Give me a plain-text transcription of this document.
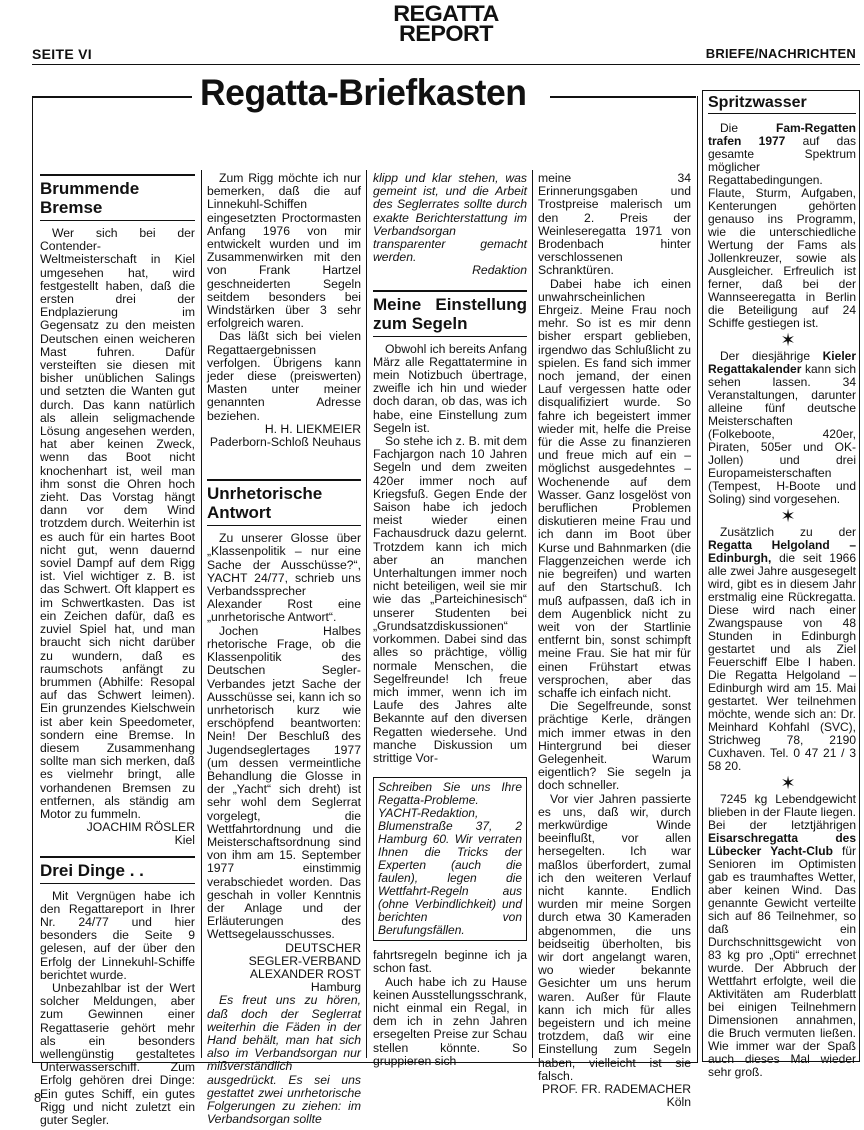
SEITE VI
REGATTA
REPORT
BRIEFE/NACHRICHTEN
Regatta-Briefkasten
Brummende Bremse

Wer sich bei der Contender-Weltmeisterschaft in Kiel umgesehen hat, wird festgestellt haben, daß die ersten drei der Endplazierung im Gegensatz zu den meisten Deutschen einen weicheren Mast fuhren. Dafür versteiften sie diesen mit bisher unüblichen Salings und setzten die Wanten gut durch. Das kann natürlich als allein seligmachende Lösung angesehen werden, hat aber keinen Zweck, wenn das Boot nicht knochenhart ist, weil man ihm sonst die Ohren hoch zieht. Das Vorstag hängt dann vor dem Wind trotzdem durch. Weiterhin ist es auch für ein hartes Boot nicht gut, wenn dauernd soviel Dampf auf dem Rigg ist. Viel wichtiger z. B. ist das Schwert. Oft klappert es im Schwertkasten. Das ist ein Zeichen dafür, daß es zuviel Spiel hat, und man braucht sich nicht darüber zu wundern, daß es raumschots anfängt zu brummen (Abhilfe: Resopal auf das Schwert leimen). Ein grunzendes Kielschwein ist aber kein Speedometer, sondern eine Bremse. In diesem Zusammenhang sollte man sich merken, daß es vielmehr bringt, alle vorhandenen Bremsen zu entfernen, als ständig am Motor zu fummeln.

JOACHIM RÖSLER

Kiel

Drei Dinge . .

Mit Vergnügen habe ich den Regattareport in Ihrer Nr. 24/77 und hier besonders die Seite 9 gelesen, auf der über den Erfolg der Linnekuhl-Schiffe berichtet wurde.

Unbezahlbar ist der Wert solcher Meldungen, aber zum Gewinnen einer Regattaserie gehört mehr als ein besonders wellengünstig gestaltetes Unterwasserschiff. Zum Erfolg gehören drei Dinge: Ein gutes Schiff, ein gutes Rigg und nicht zuletzt ein guter Segler.

Zum Rigg möchte ich nur bemerken, daß die auf Linnekuhl-Schiffen eingesetzten Proctormasten Anfang 1976 von mir entwickelt wurden und im Zusammenwirken mit den von Frank Hartzel geschneiderten Segeln seitdem besonders bei Windstärken über 3 sehr erfolgreich waren.

Das läßt sich bei vielen Regattaergebnissen verfolgen. Übrigens kann jeder diese (preiswerten) Masten unter meiner genannten Adresse beziehen.

H. H. LIEKMEIER

Paderborn-Schloß Neuhaus

Unrhetorische Antwort

Zu unserer Glosse über „Klassenpolitik – nur eine Sache der Ausschüsse?“, YACHT 24/77, schrieb uns Verbandssprecher Alexander Rost eine „unrhetorische Antwort“.

Jochen Halbes rhetorische Frage, ob die Klassenpolitik des Deutschen Segler-Verbandes jetzt Sache der Ausschüsse sei, kann ich so unrhetorisch kurz wie erschöpfend beantworten: Nein! Der Beschluß des Jugendseglertages 1977 (um dessen vermeintliche Behandlung die Glosse in der „Yacht“ sich dreht) ist sehr wohl dem Seglerrat vorgelegt, die Wettfahrtordnung und die Meisterschaftsordnung sind von ihm am 15. September 1977 einstimmig verabschiedet worden. Das geschah in voller Kenntnis der Anlage und der Erläuterungen des Wettsegelausschusses.

DEUTSCHER

SEGLER-VERBAND

ALEXANDER ROST

Hamburg

Es freut uns zu hören, daß doch der Seglerrat weiterhin die Fäden in der Hand behält, man hat sich also im Verbandsorgan nur mißverständlich ausgedrückt. Es sei uns gestattet zwei unrhetorische Folgerungen zu ziehen: im Verbandsorgan sollte

klipp und klar stehen, was gemeint ist, und die Arbeit des Seglerrates sollte durch exakte Berichterstattung im Verbandsorgan transparenter gemacht werden.

Redaktion

Meine Einstellung zum Segeln

Obwohl ich bereits Anfang März alle Regattatermine in mein Notizbuch übertrage, zweifle ich hin und wieder doch daran, ob das, was ich habe, eine Einstellung zum Segeln ist.

So stehe ich z. B. mit dem Fachjargon nach 10 Jahren Segeln und dem zweiten 420er immer noch auf Kriegsfuß. Gegen Ende der Saison habe ich jedoch meist wieder einen Fachausdruck dazu gelernt. Trotzdem kann ich mich aber an manchen Unterhaltungen immer noch nicht beteiligen, weil sie mir wie das „Parteichinesisch“ unserer Studenten bei „Grundsatzdiskussionen“ vorkommen. Dabei sind das alles so prächtige, völlig normale Menschen, die Segelfreunde! Ich freue mich immer, wenn ich im Laufe des Jahres alte Bekannte auf den diversen Regatten wiedersehe. Und manche Diskussion um strittige Vor-

Schreiben Sie uns Ihre Regatta-Probleme. YACHT-Redaktion, Blumenstraße 37, 2 Hamburg 60. Wir verraten Ihnen die Tricks der Experten (auch die faulen), legen die Wettfahrt-Regeln aus (ohne Verbindlichkeit) und berichten von Berufungsfällen.

fahrtsregeln beginne ich ja schon fast.

Auch habe ich zu Hause keinen Ausstellungsschrank, nicht einmal ein Regal, in dem ich in zehn Jahren ersegelten Preise zur Schau stellen könnte. So gruppieren sich

meine 34 Erinnerungsgaben und Trostpreise malerisch um den 2. Preis der Weinleseregatta 1971 von Brodenbach hinter verschlossenen Schranktüren.

Dabei habe ich einen unwahrscheinlichen Ehrgeiz. Meine Frau noch mehr. So ist es mir denn bisher erspart geblieben, irgendwo das Schlußlicht zu spielen. Es fand sich immer noch jemand, der einen Lauf vergessen hatte oder disqualifiziert wurde. So fahre ich begeistert immer wieder mit, helfe die Preise für die Asse zu finanzieren und freue mich auf ein – möglichst ausgedehntes – Wochenende auf dem Wasser. Ganz losgelöst von beruflichen Problemen diskutieren meine Frau und ich dann im Boot über Kurse und Bahnmarken (die Flaggenzeichen werde ich nie begreifen) und warten auf den Startschuß. Ich muß aufpassen, daß ich in dem Augenblick nicht zu weit von der Startlinie entfernt bin, sonst schimpft meine Frau. Sie hat mir für einen Frühstart etwas versprochen, aber das schaffe ich einfach nicht.

Die Segelfreunde, sonst prächtige Kerle, drängen mich immer etwas in den Hintergrund bei dieser Gelegenheit. Warum eigentlich? Sie segeln ja doch schneller.

Vor vier Jahren passierte es uns, daß wir, durch merkwürdige Winde beeinflußt, vor allen hersegelten. Ich war maßlos überfordert, zumal ich den weiteren Verlauf nicht kannte. Endlich wurden mir meine Sorgen durch etwa 30 Kameraden abgenommen, die uns beidseitig überholten, bis wir dort angelangt waren, wo wieder bekannte Gesichter um uns herum waren. Außer für Flaute kann ich mich für alles begeistern und ich meine trotzdem, daß wir eine Einstellung zum Segeln haben, vielleicht ist sie falsch.

PROF. FR. RADEMACHER

Köln

Spritzwasser

Die Fam-Regatten trafen 1977 auf das gesamte Spektrum möglicher Regattabedingungen. Flaute, Sturm, Aufgaben, Kenterungen gehörten genauso ins Programm, wie die unterschiedliche Wertung der Fams als Jollenkreuzer, sowie als Ausgleicher. Erfreulich ist ferner, daß bei der Wannseeregatta in Berlin die Beteiligung auf 24 Schiffe gestiegen ist.

✶

Der diesjährige Kieler Regattakalender kann sich sehen lassen. 34 Veranstaltungen, darunter alleine fünf deutsche Meisterschaften (Folkeboote, 420er, Piraten, 505er und OK-Jollen) und drei Europameisterschaften (Tempest, H-Boote und Soling) sind vorgesehen.

✶

Zusätzlich zu der Regatta Helgoland – Edinburgh, die seit 1966 alle zwei Jahre ausgesegelt wird, gibt es in diesem Jahr erstmalig eine Rückregatta. Diese wird nach einer Zwangspause von 48 Stunden in Edinburgh gestartet und als Ziel Feuerschiff Elbe I haben. Die Regatta Helgoland – Edinburgh wird am 15. Mai gestartet. Wer teilnehmen möchte, wende sich an: Dr. Meinhard Kohfahl (SVC), Strichweg 78, 2190 Cuxhaven. Tel. 0 47 21 / 3 58 20.

✶

7245 kg Lebendgewicht blieben in der Flaute liegen. Bei der letztjährigen Eisarschregatta des Lübecker Yacht-Club für Senioren im Optimisten gab es traumhaftes Wetter, aber keinen Wind. Das genannte Gewicht verteilte sich auf 86 Teilnehmer, so daß ein Durchschnittsgewicht von 83 kg pro „Opti“ errechnet wurde. Der Abbruch der Wettfahrt erfolgte, weil die Aktivitäten am Ruderblatt bei einigen Teilnehmern Dimensionen annahmen, die Bruch vermuten ließen. Wie immer war der Spaß auch dieses Mal wieder sehr groß.

8
